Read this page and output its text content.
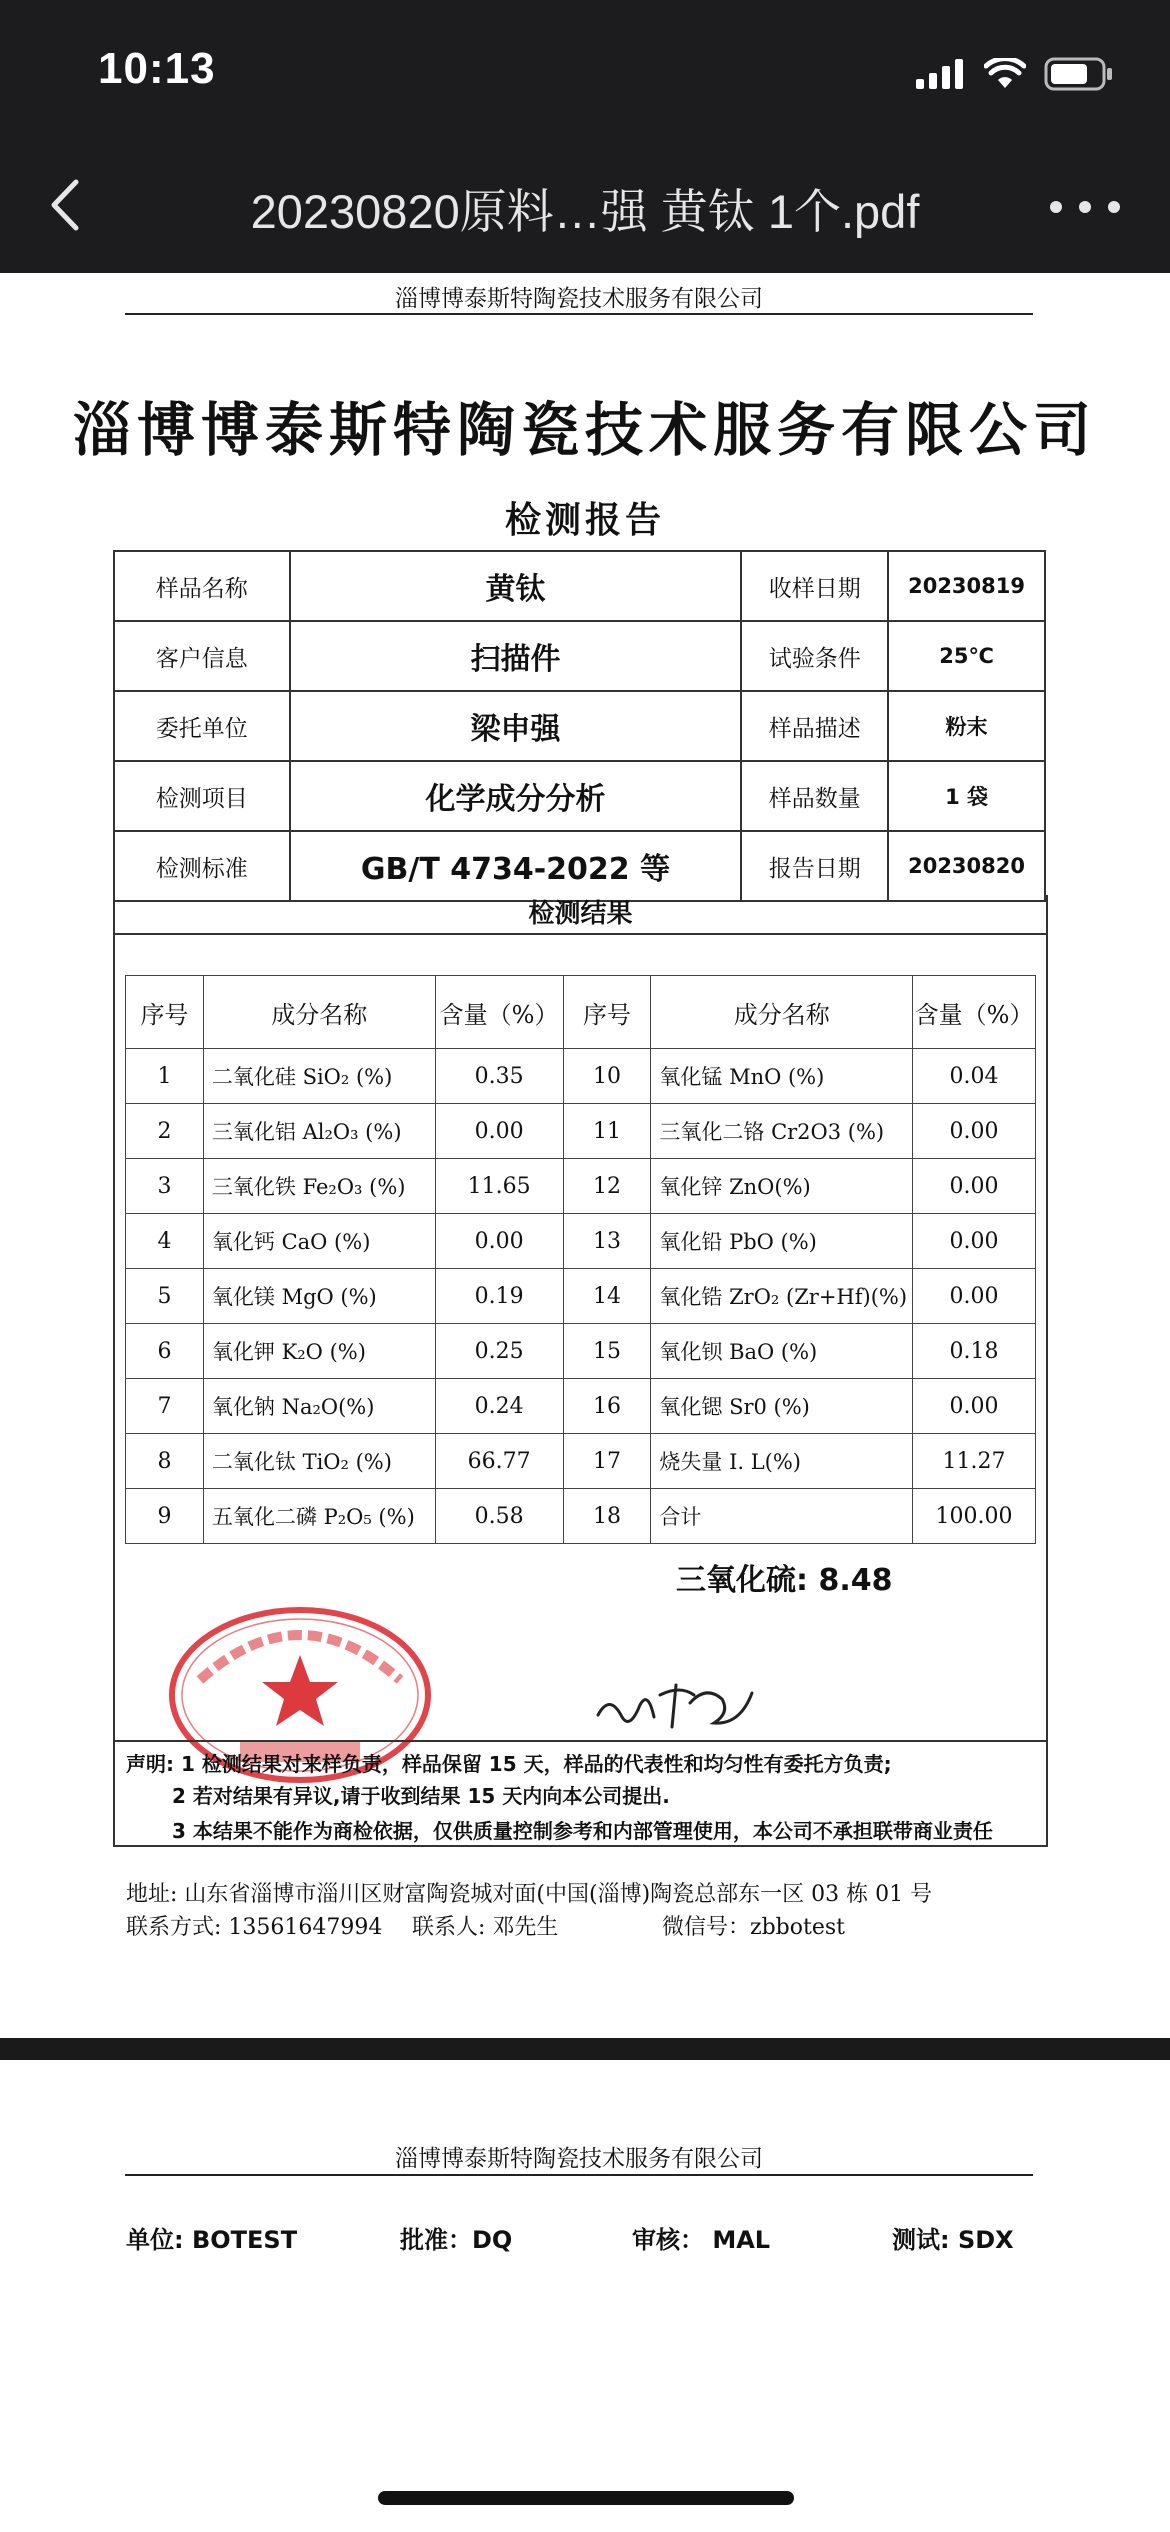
10:13
20230820原料…强 黄钛 1个.pdf
淄博博泰斯特陶瓷技术服务有限公司
淄博博泰斯特陶瓷技术服务有限公司
检测报告
样品名称	黄钛	收样日期	20230819
客户信息	扫描件	试验条件	25℃
委托单位	梁申强	样品描述	粉末
检测项目	化学成分分析	样品数量	1 袋
检测标准	GB/T 4734-2022 等	报告日期	20230820
检测结果
序号	成分名称	含量（%）	序号	成分名称	含量（%）
1	二氧化硅 SiO₂ (%)	0.35	10	氧化锰 MnO (%)	0.04
2	三氧化铝 Al₂O₃ (%)	0.00	11	三氧化二铬 Cr2O3 (%)	0.00
3	三氧化铁 Fe₂O₃ (%)	11.65	12	氧化锌 ZnO(%)	0.00
4	氧化钙 CaO (%)	0.00	13	氧化铅 PbO (%)	0.00
5	氧化镁 MgO (%)	0.19	14	氧化锆 ZrO₂ (Zr+Hf)(%)	0.00
6	氧化钾 K₂O (%)	0.25	15	氧化钡 BaO (%)	0.18
7	氧化钠 Na₂O(%)	0.24	16	氧化锶 Sr0 (%)	0.00
8	二氧化钛 TiO₂ (%)	66.77	17	烧失量 I. L(%)	11.27
9	五氧化二磷 P₂O₅ (%)	0.58	18	合计	100.00
三氧化硫: 8.48
声明: 1 检测结果对来样负责，样品保留 15 天，样品的代表性和均匀性有委托方负责;
2 若对结果有异议,请于收到结果 15 天内向本公司提出.
3 本结果不能作为商检依据，仅供质量控制参考和内部管理使用，本公司不承担联带商业责任
地址: 山东省淄博市淄川区财富陶瓷城对面(中国(淄博)陶瓷总部东一区 03 栋 01 号
联系方式: 13561647994 联系人: 邓先生	微信号：zbbotest
淄博博泰斯特陶瓷技术服务有限公司
单位: BOTEST	批准：DQ	审核： MAL	测试: SDX
